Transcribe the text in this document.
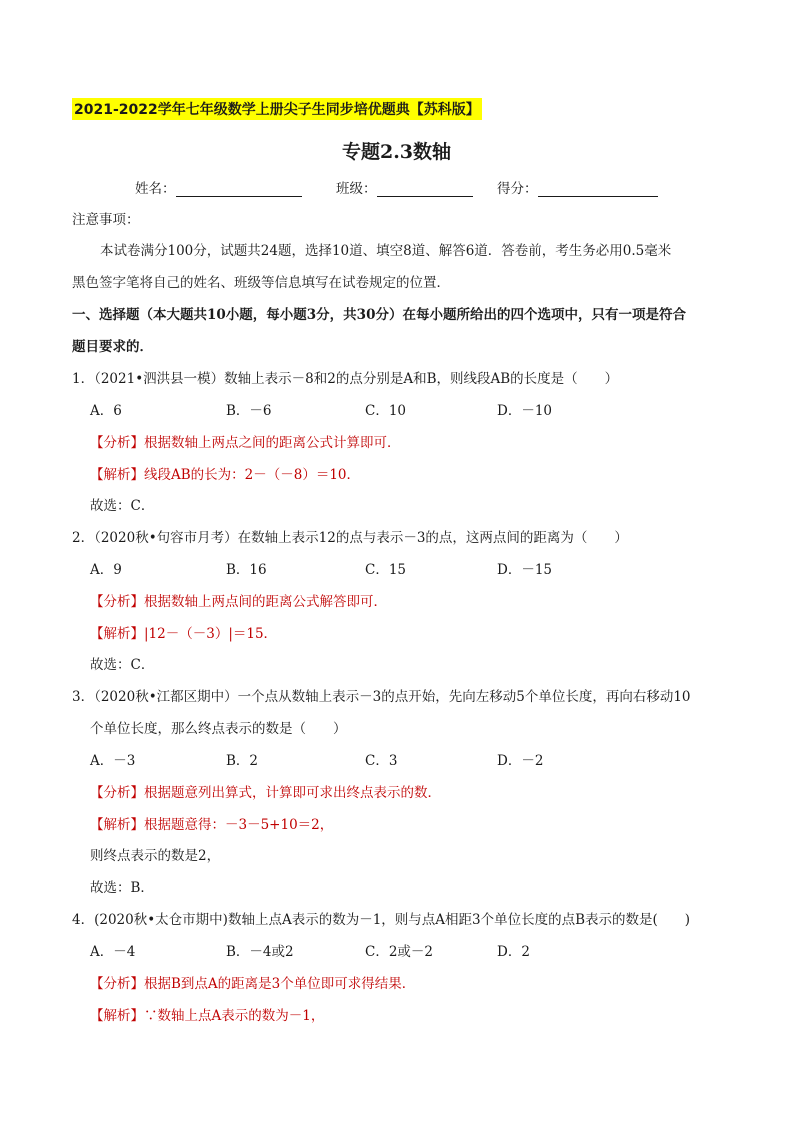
2021-2022学年七年级数学上册尖子生同步培优题典【苏科版】
专题2.3数轴
姓名：	班级：	得分：
注意事项：
本试卷满分100分，试题共24题，选择10道、填空8道、解答6道．答卷前，考生务必用0.5毫米
黑色签字笔将自己的姓名、班级等信息填写在试卷规定的位置．
一、选择题（本大题共10小题，每小题3分，共30分）在每小题所给出的四个选项中，只有一项是符合
题目要求的．
1．（2021•泗洪县一模）数轴上表示－8和2的点分别是A和B，则线段AB的长度是（　　）
A．6	B．－6	C．10	D．－10
【分析】根据数轴上两点之间的距离公式计算即可．
【解析】线段AB的长为：2－（－8）＝10．
故选：C．
2．（2020秋•句容市月考）在数轴上表示12的点与表示－3的点，这两点间的距离为（　　）
A．9	B．16	C．15	D．－15
【分析】根据数轴上两点间的距离公式解答即可．
【解析】|12－（－3）|＝15．
故选：C．
3．（2020秋•江都区期中）一个点从数轴上表示－3的点开始，先向左移动5个单位长度，再向右移动10
个单位长度，那么终点表示的数是（　　）
A．－3	B．2	C．3	D．－2
【分析】根据题意列出算式，计算即可求出终点表示的数．
【解析】根据题意得：－3－5+10＝2，
则终点表示的数是2，
故选：B．
4．(2020秋•太仓市期中)数轴上点A表示的数为－1，则与点A相距3个单位长度的点B表示的数是(　　)
A．－4	B．－4或2	C．2或－2	D．2
【分析】根据B到点A的距离是3个单位即可求得结果．
【解析】∵数轴上点A表示的数为－1，
